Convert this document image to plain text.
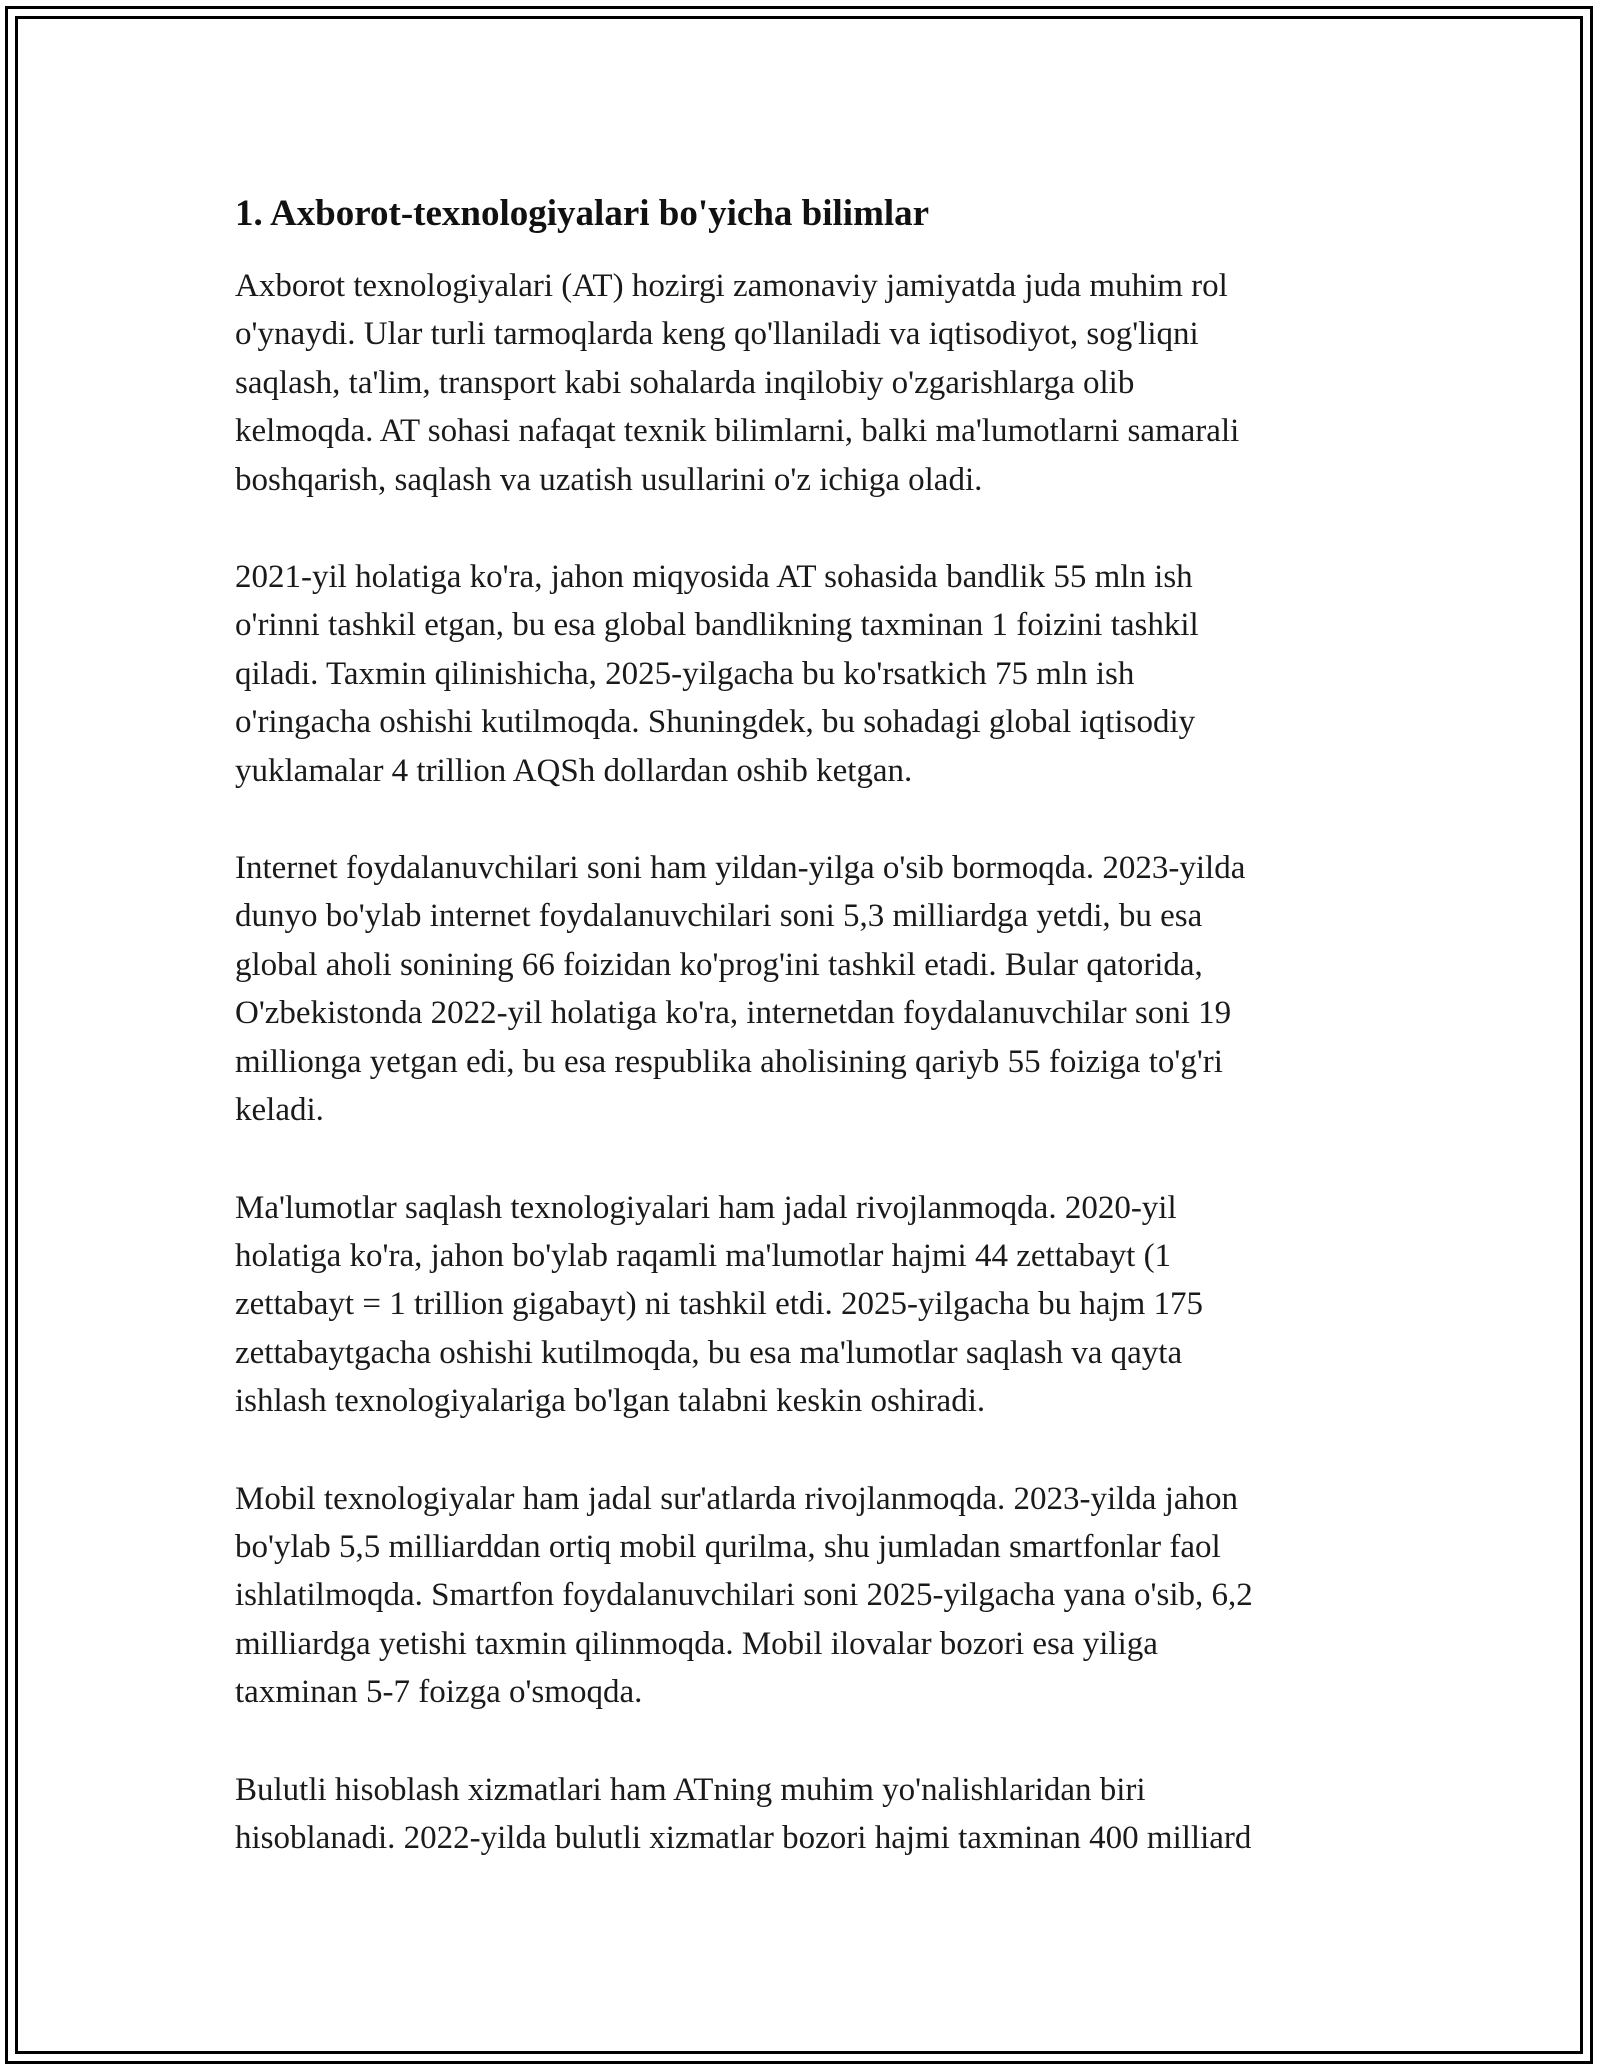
1. Axborot-texnologiyalari bo'yicha bilimlar

Axborot texnologiyalari (AT) hozirgi zamonaviy jamiyatda juda muhim rol
o'ynaydi. Ular turli tarmoqlarda keng qo'llaniladi va iqtisodiyot, sog'liqni
saqlash, ta'lim, transport kabi sohalarda inqilobiy o'zgarishlarga olib
kelmoqda. AT sohasi nafaqat texnik bilimlarni, balki ma'lumotlarni samarali
boshqarish, saqlash va uzatish usullarini o'z ichiga oladi.

2021-yil holatiga ko'ra, jahon miqyosida AT sohasida bandlik 55 mln ish
o'rinni tashkil etgan, bu esa global bandlikning taxminan 1 foizini tashkil
qiladi. Taxmin qilinishicha, 2025-yilgacha bu ko'rsatkich 75 mln ish
o'ringacha oshishi kutilmoqda. Shuningdek, bu sohadagi global iqtisodiy
yuklamalar 4 trillion AQSh dollardan oshib ketgan.

Internet foydalanuvchilari soni ham yildan-yilga o'sib bormoqda. 2023-yilda
dunyo bo'ylab internet foydalanuvchilari soni 5,3 milliardga yetdi, bu esa
global aholi sonining 66 foizidan ko'prog'ini tashkil etadi. Bular qatorida,
O'zbekistonda 2022-yil holatiga ko'ra, internetdan foydalanuvchilar soni 19
millionga yetgan edi, bu esa respublika aholisining qariyb 55 foiziga to'g'ri
keladi.

Ma'lumotlar saqlash texnologiyalari ham jadal rivojlanmoqda. 2020-yil
holatiga ko'ra, jahon bo'ylab raqamli ma'lumotlar hajmi 44 zettabayt (1
zettabayt = 1 trillion gigabayt) ni tashkil etdi. 2025-yilgacha bu hajm 175
zettabaytgacha oshishi kutilmoqda, bu esa ma'lumotlar saqlash va qayta
ishlash texnologiyalariga bo'lgan talabni keskin oshiradi.

Mobil texnologiyalar ham jadal sur'atlarda rivojlanmoqda. 2023-yilda jahon
bo'ylab 5,5 milliarddan ortiq mobil qurilma, shu jumladan smartfonlar faol
ishlatilmoqda. Smartfon foydalanuvchilari soni 2025-yilgacha yana o'sib, 6,2
milliardga yetishi taxmin qilinmoqda. Mobil ilovalar bozori esa yiliga
taxminan 5-7 foizga o'smoqda.

Bulutli hisoblash xizmatlari ham ATning muhim yo'nalishlaridan biri
hisoblanadi. 2022-yilda bulutli xizmatlar bozori hajmi taxminan 400 milliard
